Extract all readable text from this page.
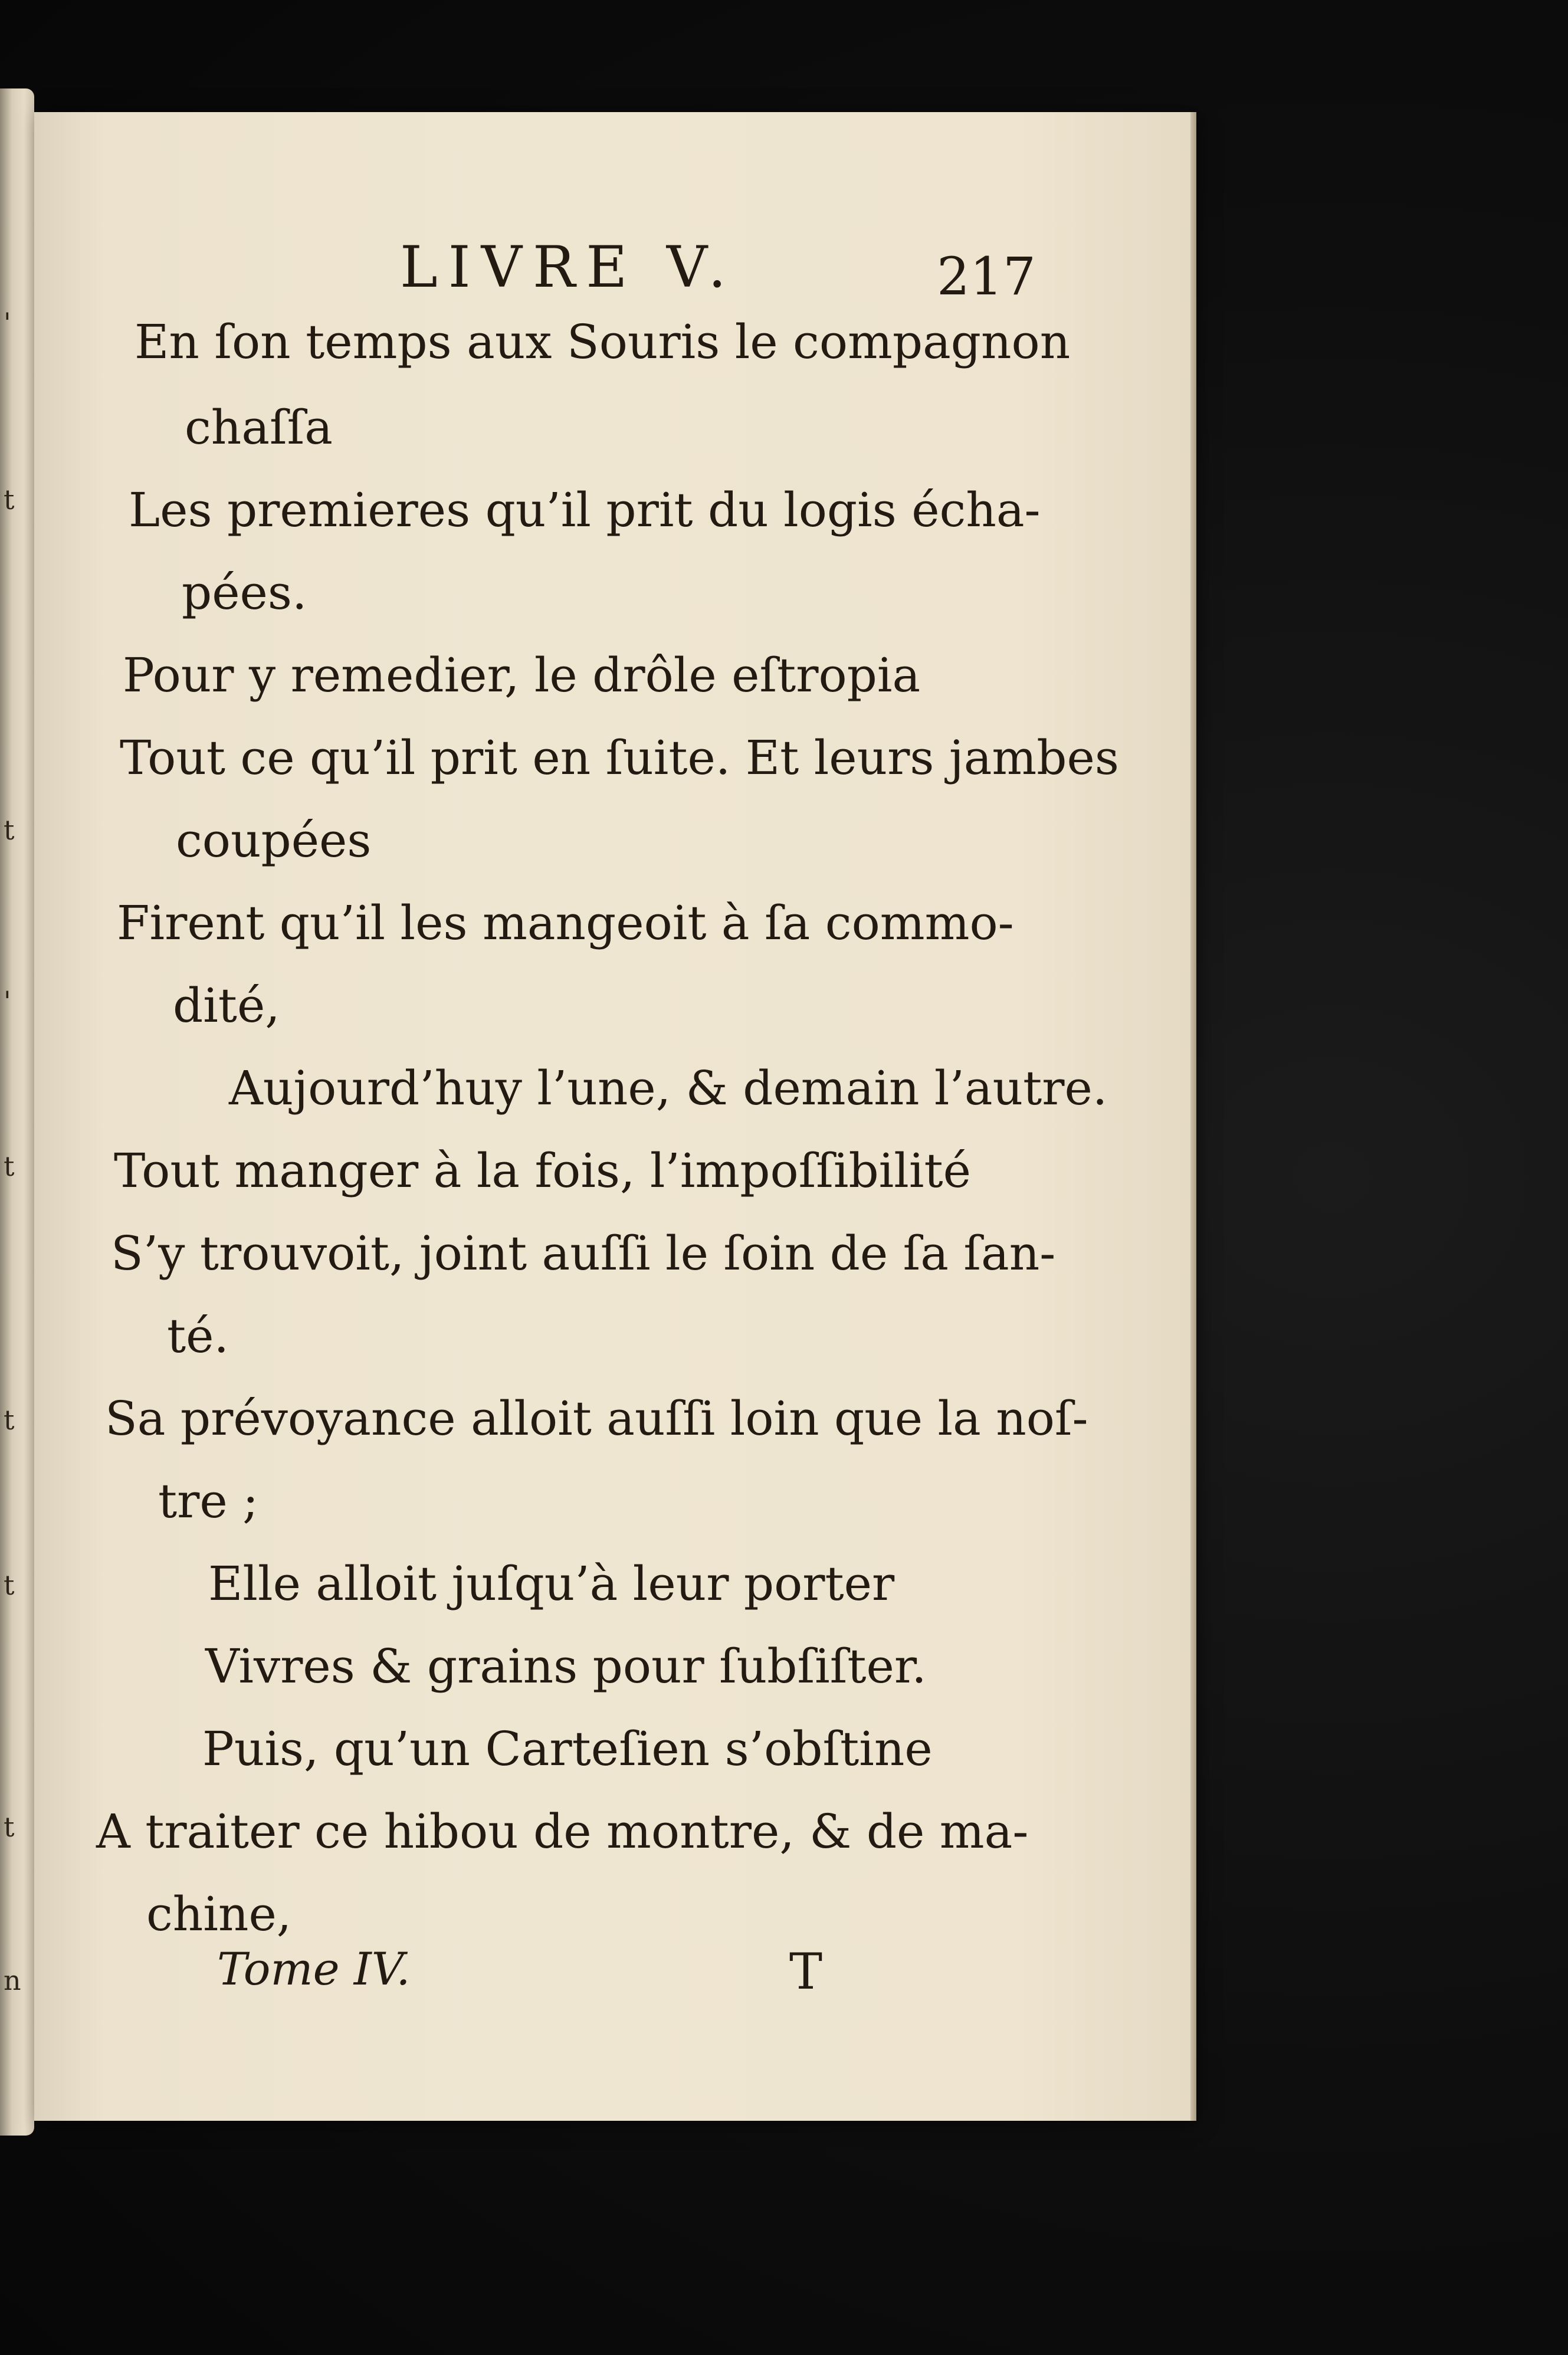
'
t
t
'
t
t
t
t
n
LIVRE V.	217
En ſon temps aux Souris le compagnon
chaſſa
Les premieres qu’il prit du logis écha-
pées.
Pour y remedier, le drôle eſtropia
Tout ce qu’il prit en ſuite. Et leurs jambes
coupées
Firent qu’il les mangeoit à ſa commo-
dité,
Aujourd’huy l’une, & demain l’autre.
Tout manger à la fois, l’impoſſibilité
S’y trouvoit, joint auſſi le ſoin de ſa ſan-
té.
Sa prévoyance alloit auſſi loin que la noſ-
tre ;
Elle alloit juſqu’à leur porter
Vivres & grains pour ſubſiſter.
Puis, qu’un Carteſien s’obſtine
A traiter ce hibou de montre, & de ma-
chine,
Tome IV.	T
